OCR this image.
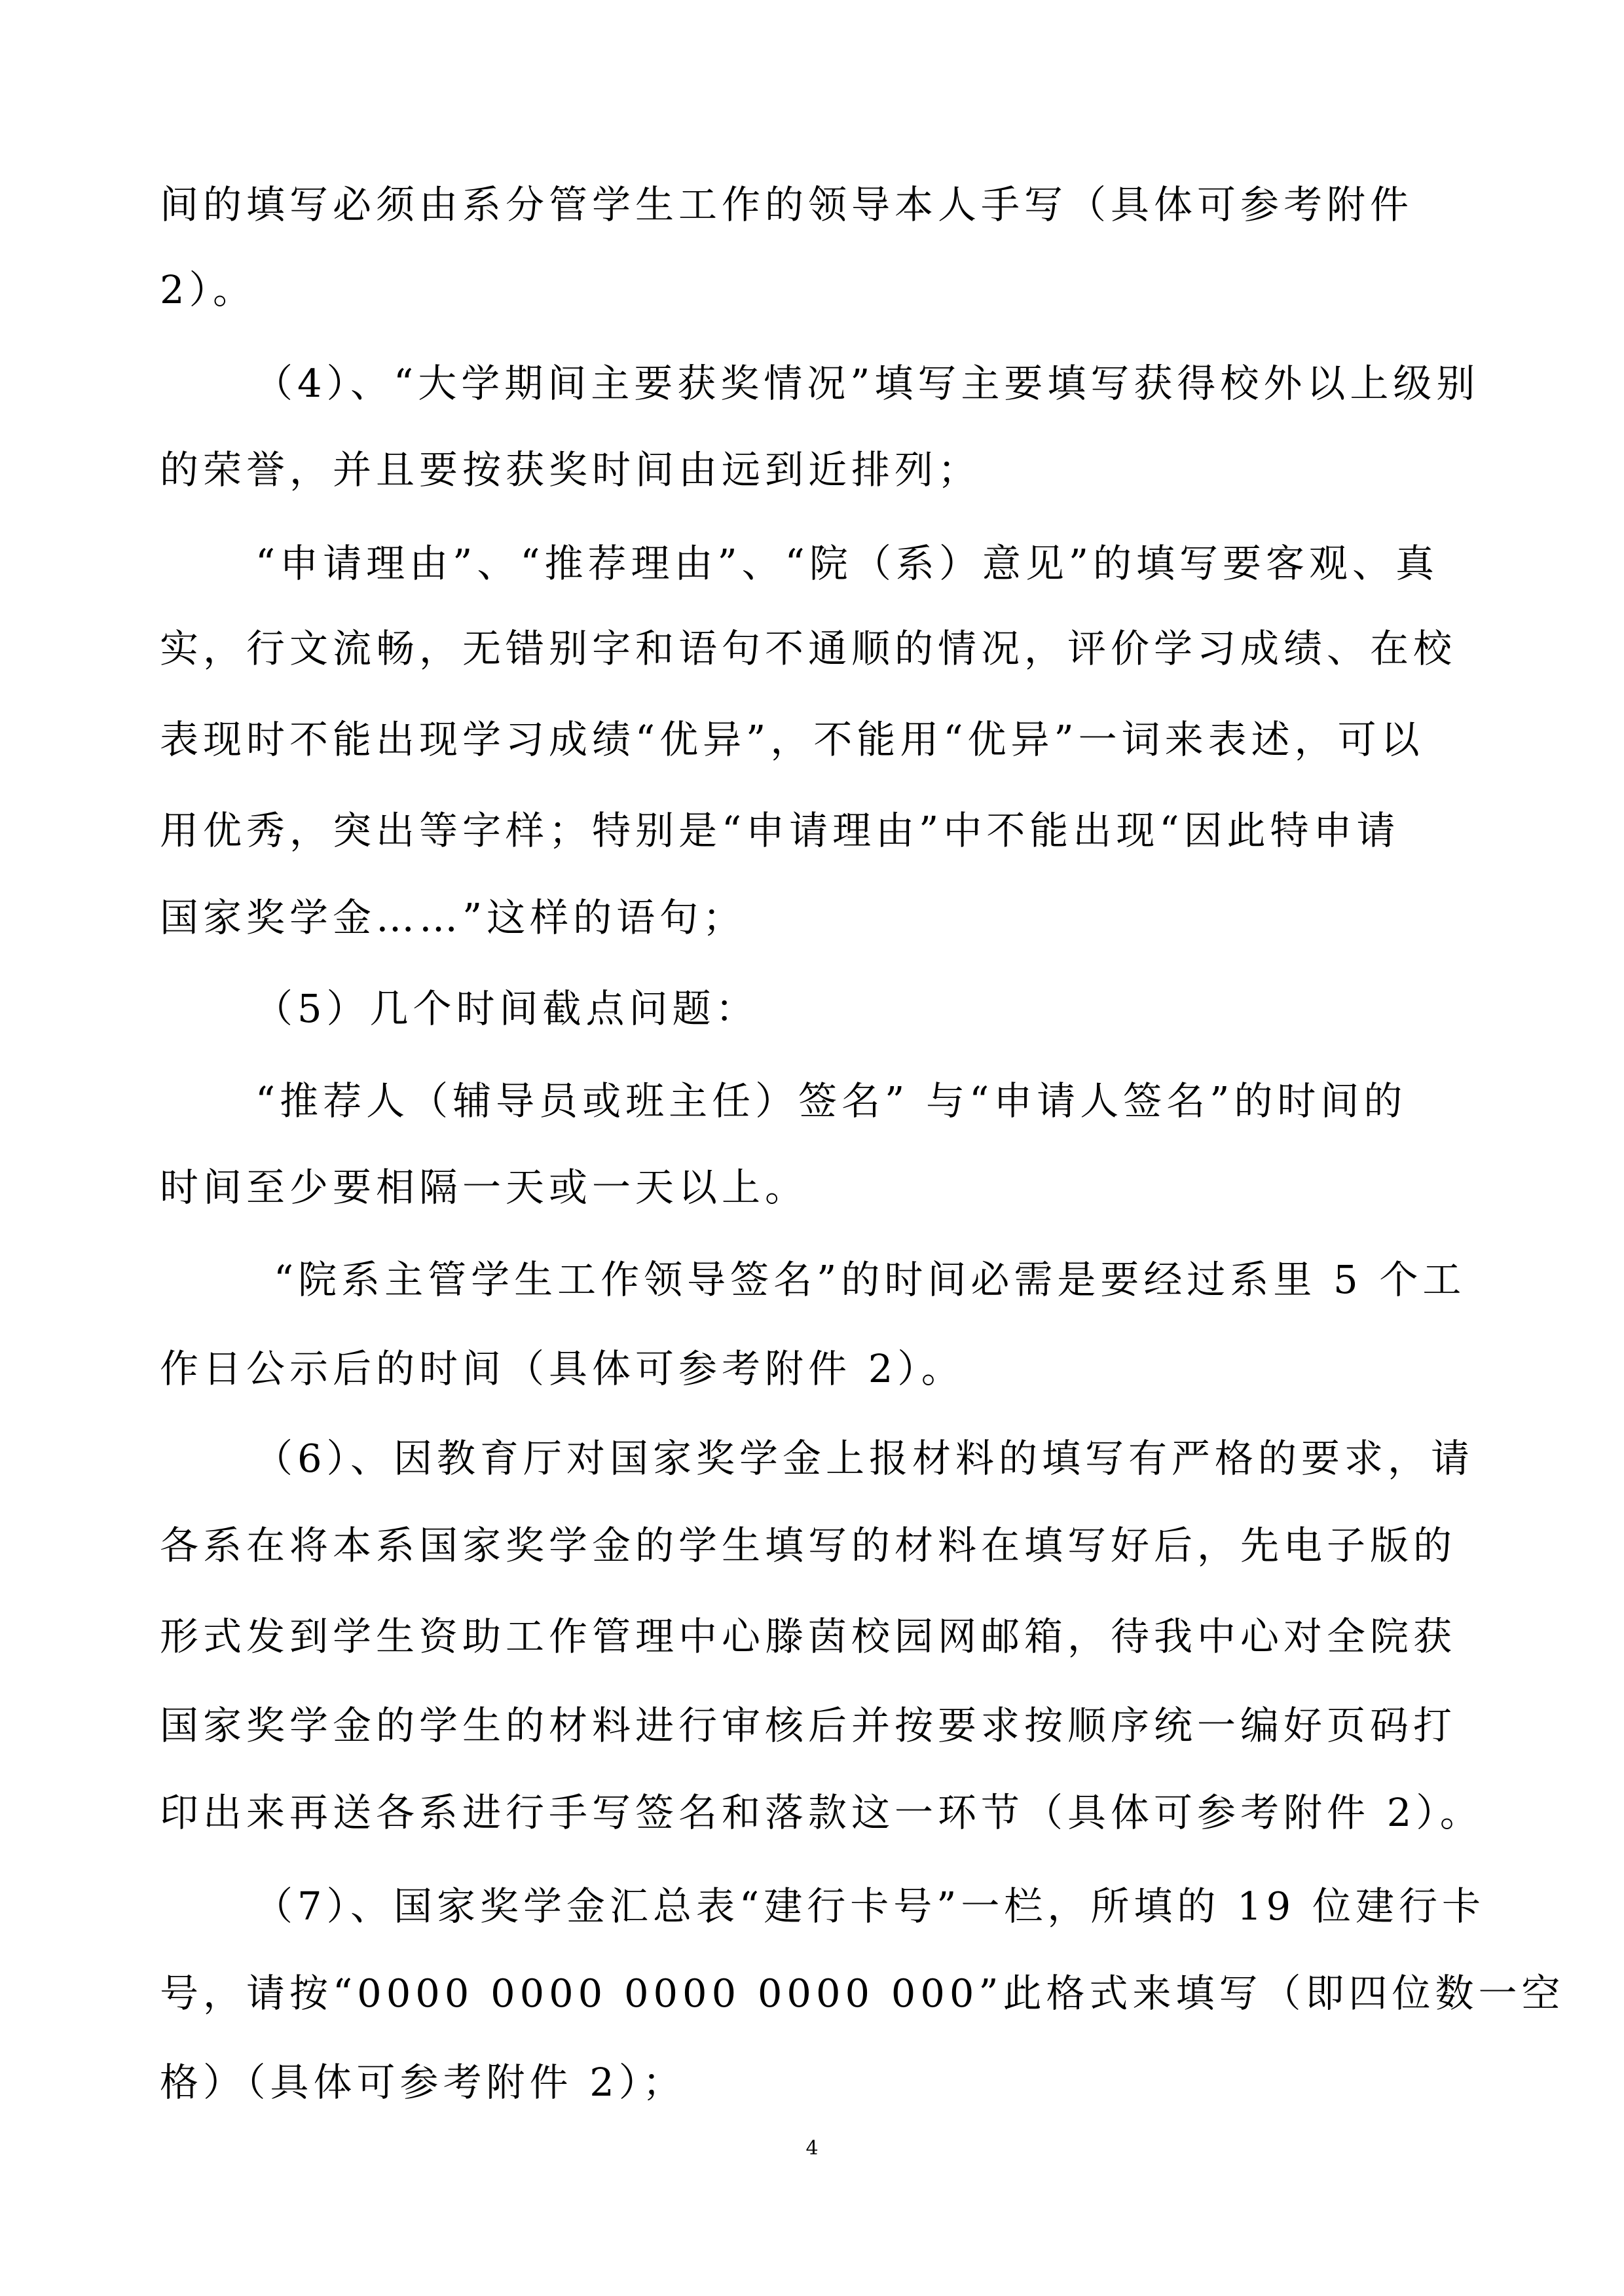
间的填写必须由系分管学生工作的领导本人手写（具体可参考附件
2）。
（4）、“大学期间主要获奖情况”填写主要填写获得校外以上级别
的荣誉，并且要按获奖时间由远到近排列；
“申请理由”、“推荐理由”、“院（系）意见”的填写要客观、真
实，行文流畅，无错别字和语句不通顺的情况，评价学习成绩、在校
表现时不能出现学习成绩“优异”，不能用“优异”一词来表述，可以
用优秀，突出等字样；特别是“申请理由”中不能出现“因此特申请
国家奖学金……”这样的语句；
（5）几个时间截点问题：
“推荐人（辅导员或班主任）签名” 与“申请人签名”的时间的
时间至少要相隔一天或一天以上。
“院系主管学生工作领导签名”的时间必需是要经过系里 5 个工
作日公示后的时间（具体可参考附件 2）。
（6）、因教育厅对国家奖学金上报材料的填写有严格的要求，请
各系在将本系国家奖学金的学生填写的材料在填写好后，先电子版的
形式发到学生资助工作管理中心滕茵校园网邮箱，待我中心对全院获
国家奖学金的学生的材料进行审核后并按要求按顺序统一编好页码打
印出来再送各系进行手写签名和落款这一环节（具体可参考附件 2）。
（7）、国家奖学金汇总表“建行卡号”一栏，所填的 19 位建行卡
号，请按“0000 0000 0000 0000 000”此格式来填写（即四位数一空
格）（具体可参考附件 2）；
4
